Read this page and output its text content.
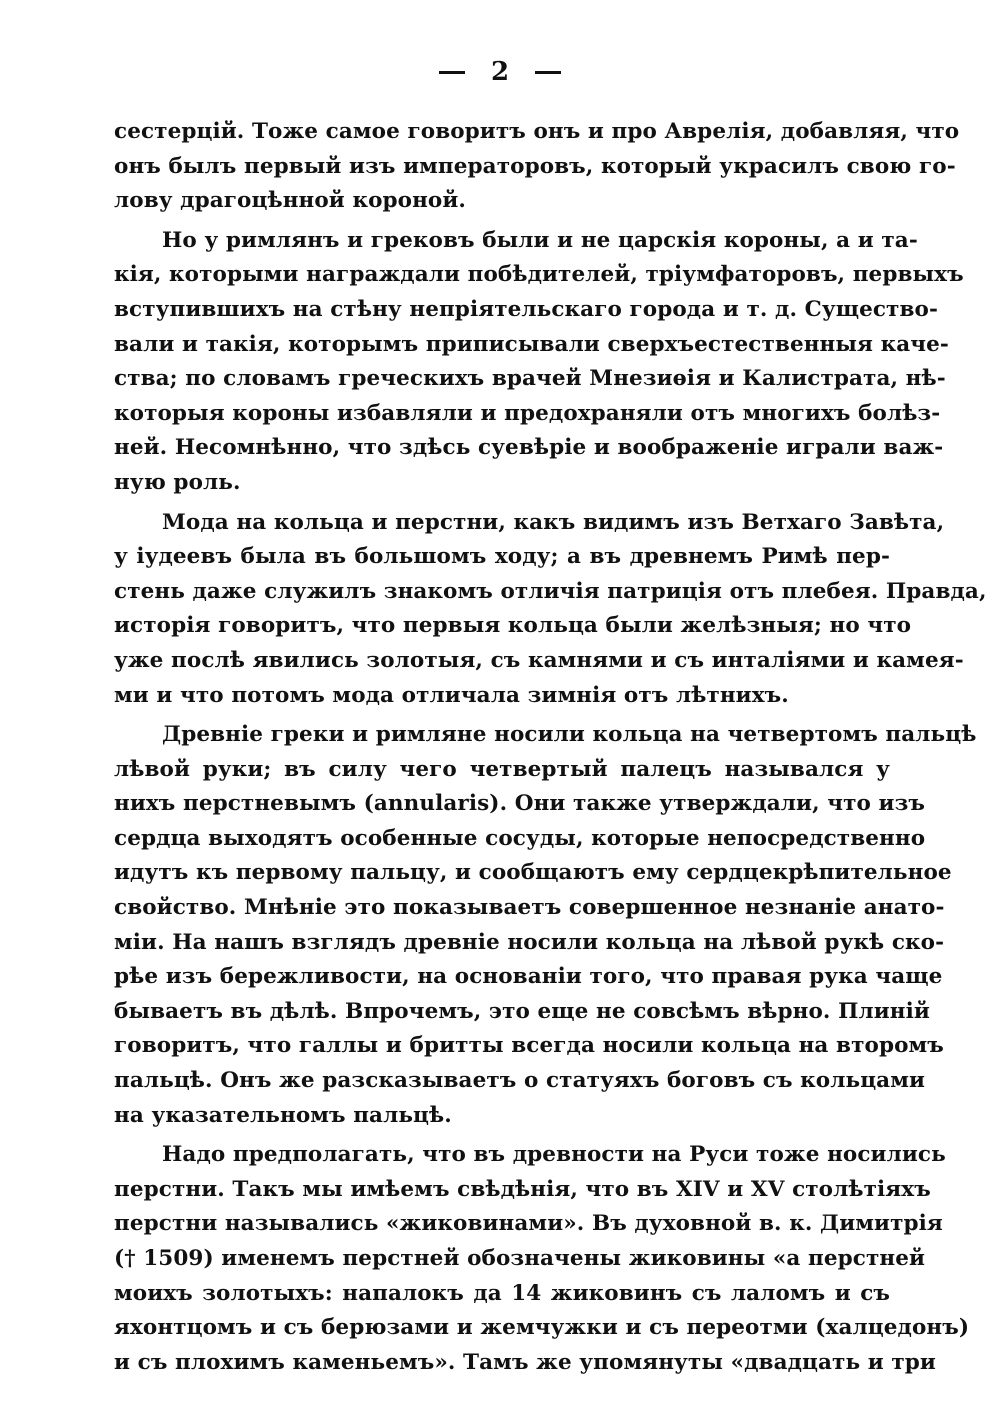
2
сестерцій. Тоже самое говоритъ онъ и про Аврелія, добавляя, что
онъ былъ первый изъ императоровъ, который украсилъ свою го-
лову драгоцѣнной короной.
Но у римлянъ и грековъ были и не царскія короны, а и та-
кія, которыми награждали побѣдителей, тріумфаторовъ, первыхъ
вступившихъ на стѣну непріятельскаго города и т. д. Существо-
вали и такія, которымъ приписывали сверхъестественныя каче-
ства; по словамъ греческихъ врачей Мнезиѳія и Калистрата, нѣ-
которыя короны избавляли и предохраняли отъ многихъ болѣз-
ней. Несомнѣнно, что здѣсь суевѣріе и воображеніе играли важ-
ную роль.
Мода на кольца и перстни, какъ видимъ изъ Ветхаго Завѣта,
у іудеевъ была въ большомъ ходу; а въ древнемъ Римѣ пер-
стень даже служилъ знакомъ отличія патриція отъ плебея. Правда,
исторія говоритъ, что первыя кольца были желѣзныя; но что
уже послѣ явились золотыя, съ камнями и съ инталіями и камея-
ми и что потомъ мода отличала зимнія отъ лѣтнихъ.
Древніе греки и римляне носили кольца на четвертомъ пальцѣ
лѣвой руки; въ силу чего четвертый палецъ назывался у
нихъ перстневымъ (annularis). Они также утверждали, что изъ
сердца выходятъ особенные сосуды, которые непосредственно
идутъ къ первому пальцу, и сообщаютъ ему сердцекрѣпительное
свойство. Мнѣніе это показываетъ совершенное незнаніе анато-
міи. На нашъ взглядъ древніе носили кольца на лѣвой рукѣ ско-
рѣе изъ бережливости, на основаніи того, что правая рука чаще
бываетъ въ дѣлѣ. Впрочемъ, это еще не совсѣмъ вѣрно. Плиній
говоритъ, что галлы и бритты всегда носили кольца на второмъ
пальцѣ. Онъ же разсказываетъ о статуяхъ боговъ съ кольцами
на указательномъ пальцѣ.
Надо предполагать, что въ древности на Руси тоже носились
перстни. Такъ мы имѣемъ свѣдѣнія, что въ XIV и XV столѣтіяхъ
перстни назывались «жиковинами». Въ духовной в. к. Димитрія
(† 1509) именемъ перстней обозначены жиковины «а перстней
моихъ золотыхъ: напалокъ да 14 жиковинъ съ лаломъ и съ
яхонтцомъ и съ берюзами и жемчужки и съ переотми (халцедонъ)
и съ плохимъ каменьемъ». Тамъ же упомянуты «двадцать и три
